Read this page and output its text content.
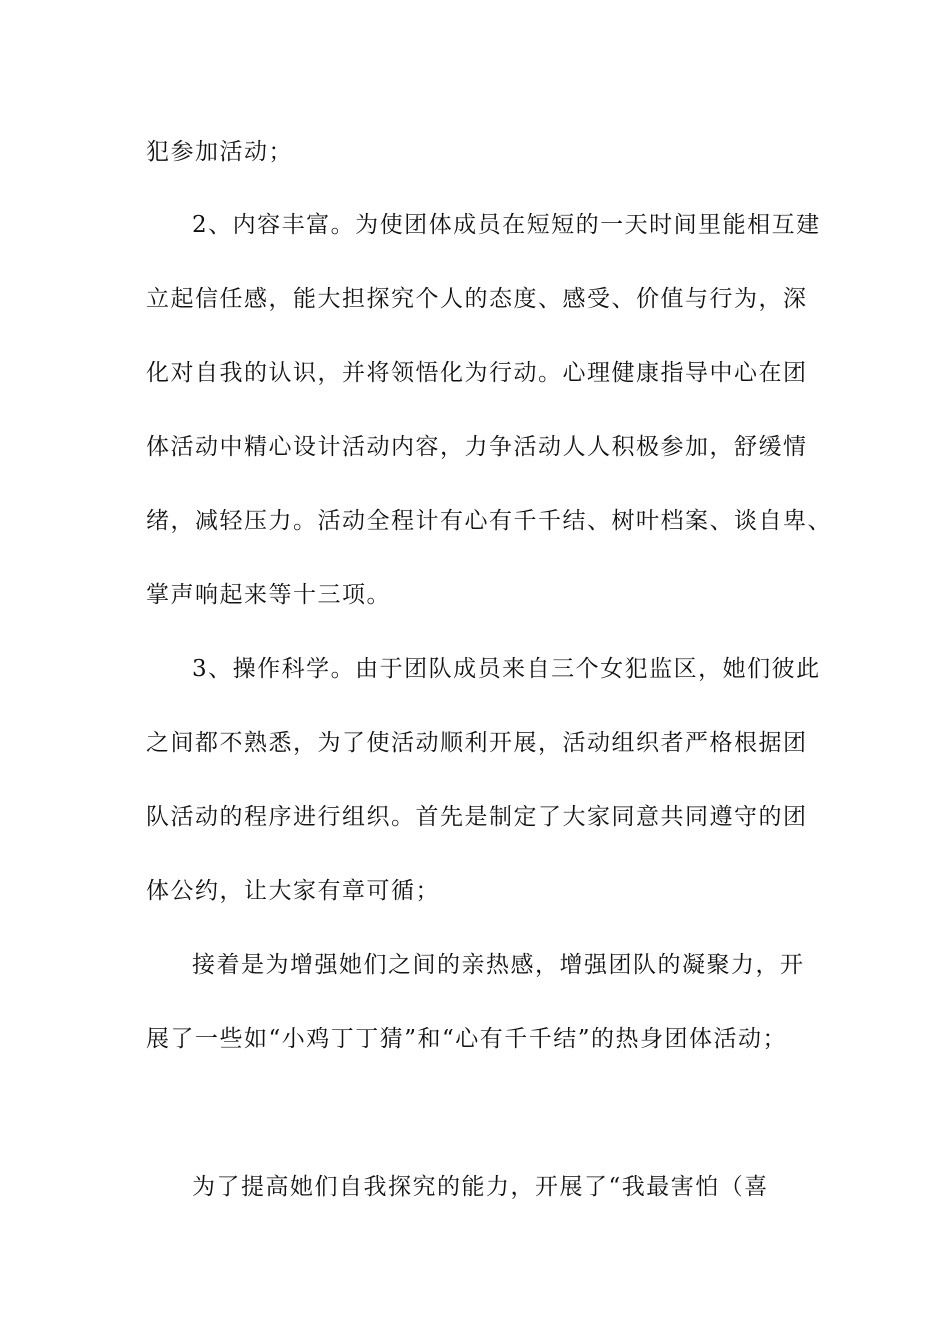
犯参加活动；
2、内容丰富。为使团体成员在短短的一天时间里能相互建
立起信任感，能大担探究个人的态度、感受、价值与行为，深
化对自我的认识，并将领悟化为行动。心理健康指导中心在团
体活动中精心设计活动内容，力争活动人人积极参加，舒缓情
绪，减轻压力。活动全程计有心有千千结、树叶档案、谈自卑、
掌声响起来等十三项。
3、操作科学。由于团队成员来自三个女犯监区，她们彼此
之间都不熟悉，为了使活动顺利开展，活动组织者严格根据团
队活动的程序进行组织。首先是制定了大家同意共同遵守的团
体公约，让大家有章可循；
接着是为增强她们之间的亲热感，增强团队的凝聚力，开
展了一些如“小鸡丁丁猜”和“心有千千结”的热身团体活动；
为了提高她们自我探究的能力，开展了“我最害怕（喜
